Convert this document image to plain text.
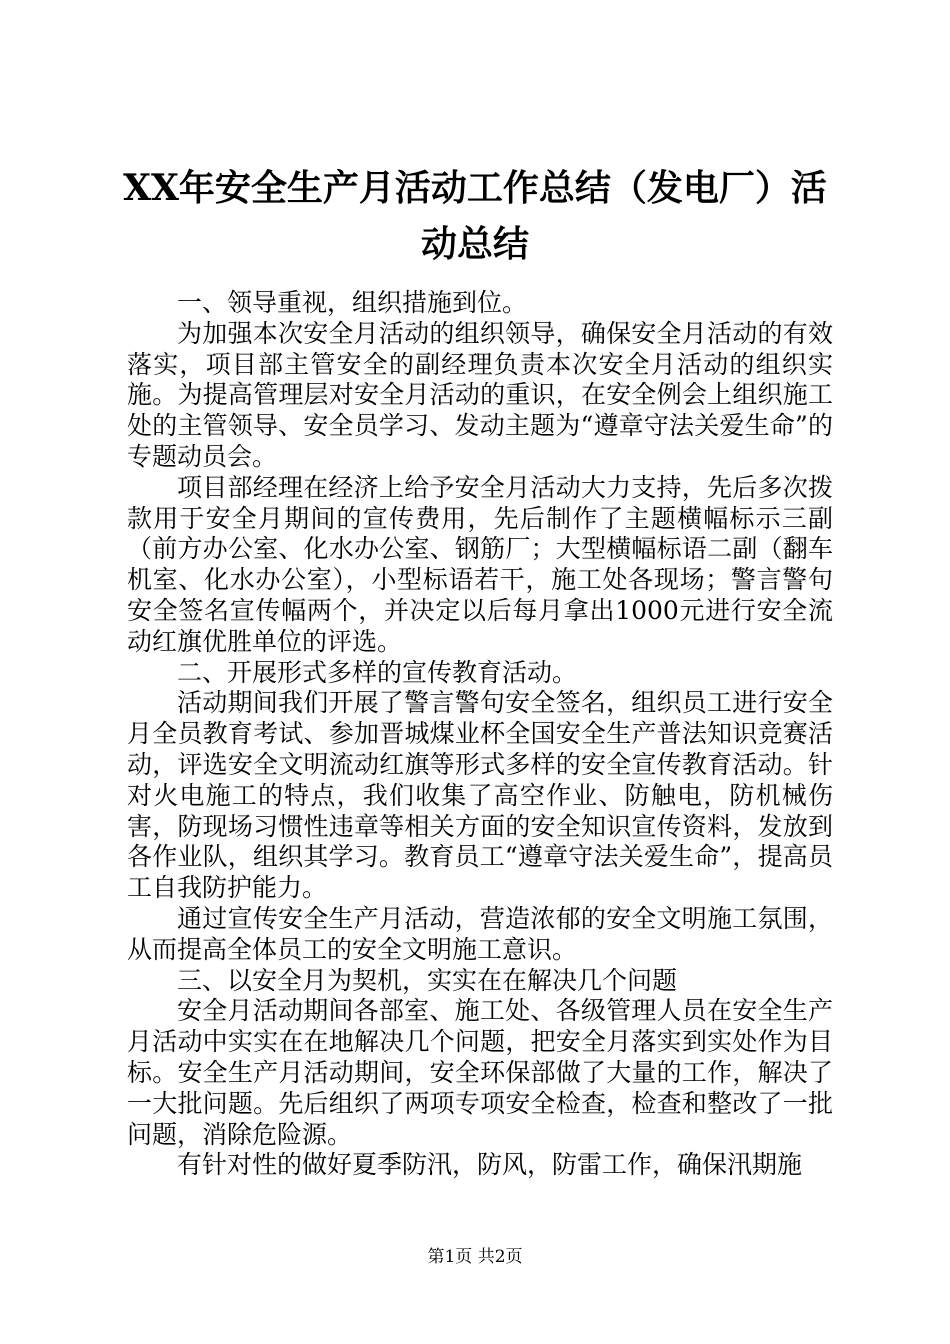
XX年安全生产月活动工作总结（发电厂）活动总结

一、领导重视，组织措施到位。

为加强本次安全月活动的组织领导，确保安全月活动的有效落实，项目部主管安全的副经理负责本次安全月活动的组织实施。为提高管理层对安全月活动的重识，在安全例会上组织施工处的主管领导、安全员学习、发动主题为“遵章守法关爱生命”的专题动员会。

项目部经理在经济上给予安全月活动大力支持，先后多次拨款用于安全月期间的宣传费用，先后制作了主题横幅标示三副（前方办公室、化水办公室、钢筋厂；大型横幅标语二副（翻车机室、化水办公室），小型标语若干，施工处各现场；警言警句安全签名宣传幅两个，并决定以后每月拿出1000元进行安全流动红旗优胜单位的评选。

二、开展形式多样的宣传教育活动。

活动期间我们开展了警言警句安全签名，组织员工进行安全月全员教育考试、参加晋城煤业杯全国安全生产普法知识竞赛活动，评选安全文明流动红旗等形式多样的安全宣传教育活动。针对火电施工的特点，我们收集了高空作业、防触电，防机械伤害，防现场习惯性违章等相关方面的安全知识宣传资料，发放到各作业队，组织其学习。教育员工“遵章守法关爱生命”，提高员工自我防护能力。

通过宣传安全生产月活动，营造浓郁的安全文明施工氛围，从而提高全体员工的安全文明施工意识。

三、以安全月为契机，实实在在解决几个问题

安全月活动期间各部室、施工处、各级管理人员在安全生产月活动中实实在在地解决几个问题，把安全月落实到实处作为目标。安全生产月活动期间，安全环保部做了大量的工作，解决了一大批问题。先后组织了两项专项安全检查，检查和整改了一批问题，消除危险源。

有针对性的做好夏季防汛，防风，防雷工作，确保汛期施

第1页 共2页
